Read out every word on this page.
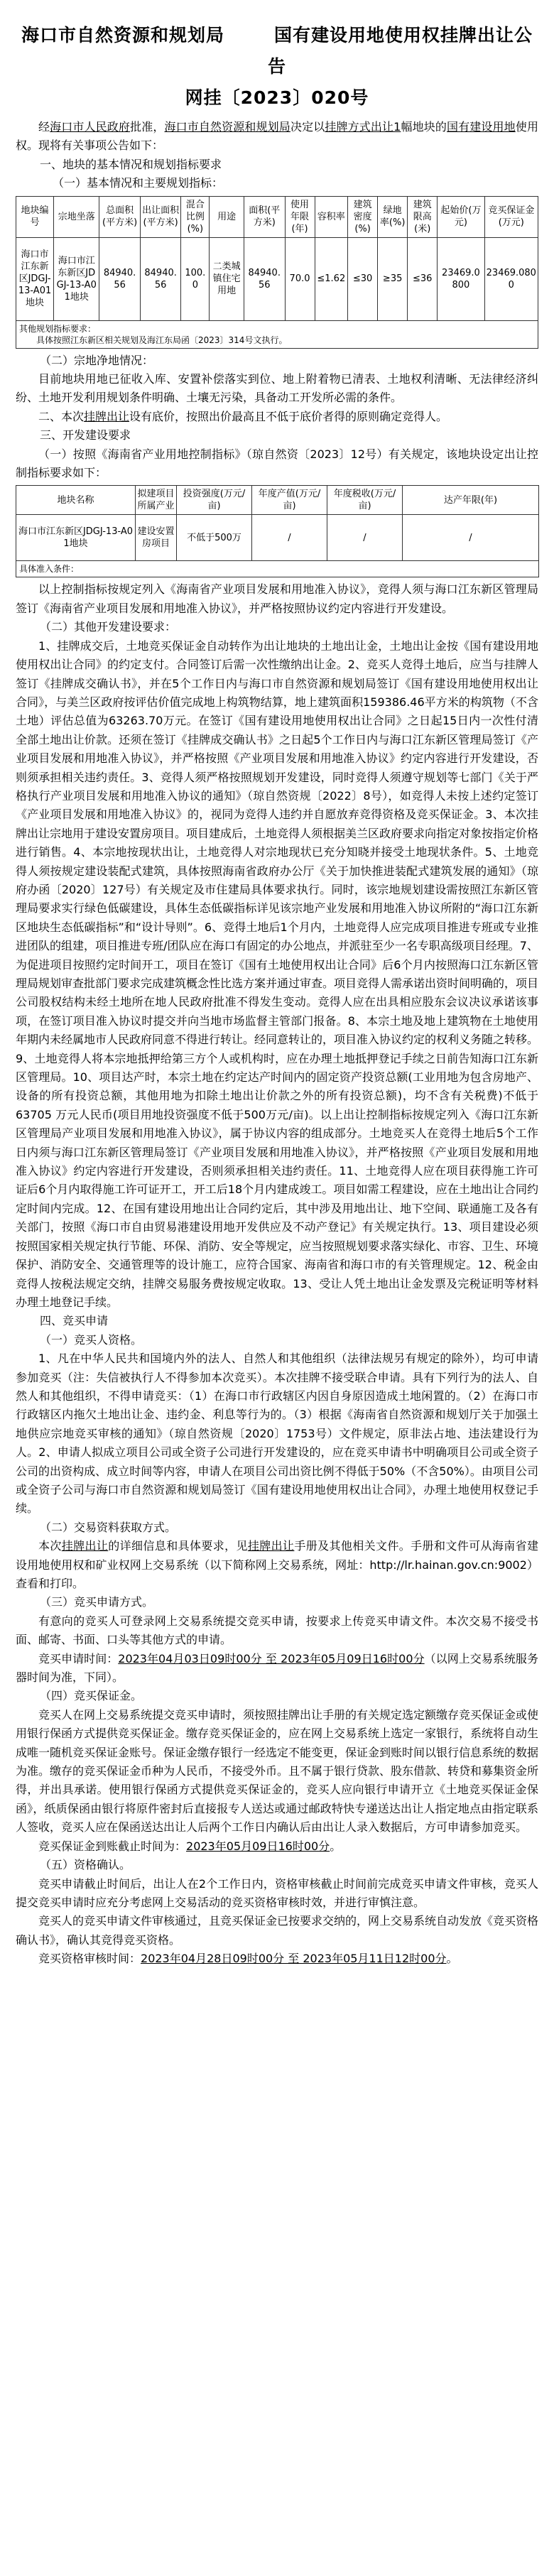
海口市自然资源和规划局	国有建设用地使用权挂牌出让公告
网挂〔2023〕020号

经海口市人民政府批准，海口市自然资源和规划局决定以挂牌方式出让1幅地块的国有建设用地使用权。现将有关事项公告如下：

一、地块的基本情况和规划指标要求

（一）基本情况和主要规划指标：

地块编号	宗地坐落	总面积(平方米)	出让面积(平方米)	混合比例(%)	用途	面积(平方米)	使用年限(年)	容积率	建筑密度(%)	绿地率(%)	建筑限高(米)	起始价(万元)	竞买保证金(万元)
海口市江东新区JDGJ-13-A01地块	海口市江东新区JDGJ-13-A01地块	84940.56	84940.56	100.0	二类城镇住宅用地	84940.56	70.0	≤1.62	≤30	≥35	≤36	23469.0800	23469.0800

其他规划指标要求：
具体按照江东新区相关规划及海江东局函〔2023〕314号文执行。													

（二）宗地净地情况：

目前地块用地已征收入库、安置补偿落实到位、地上附着物已清表、土地权利清晰、无法律经济纠纷、土地开发利用规划条件明确、土壤无污染，具备动工开发所必需的条件。

二、本次挂牌出让设有底价，按照出价最高且不低于底价者得的原则确定竞得人。

三、开发建设要求

（一）按照《海南省产业用地控制指标》（琼自然资〔2023〕12号）有关规定，该地块设定出让控制指标要求如下：

地块名称	拟建项目所属产业	投资强度(万元/亩)	年度产值(万元/亩)	年度税收(万元/亩)	达产年限(年)
海口市江东新区JDGJ-13-A01地块	建设安置房项目	不低于500万	/	/	/
具体准入条件：					

以上控制指标按规定列入《海南省产业项目发展和用地准入协议》，竞得人须与海口江东新区管理局签订《海南省产业项目发展和用地准入协议》，并严格按照协议约定内容进行开发建设。

（二）其他开发建设要求：

1、挂牌成交后，土地竞买保证金自动转作为出让地块的土地出让金，土地出让金按《国有建设用地使用权出让合同》的约定支付。合同签订后需一次性缴纳出让金。2、竞买人竞得土地后，应当与挂牌人签订《挂牌成交确认书》，并在5个工作日内与海口市自然资源和规划局签订《国有建设用地使用权出让合同》，与美兰区政府按评估价值完成地上构筑物结算，地上建筑面积159386.46平方米的构筑物（不含土地）评估总值为63263.70万元。在签订《国有建设用地使用权出让合同》之日起15日内一次性付清全部土地出让价款。还须在签订《挂牌成交确认书》之日起5个工作日内与海口江东新区管理局签订《产业项目发展和用地准入协议》，并严格按照《产业项目发展和用地准入协议》约定内容进行开发建设，否则须承担相关违约责任。3、竞得人须严格按照规划开发建设，同时竞得人须遵守规划等七部门《关于严格执行产业项目发展和用地准入协议的通知》（琼自然资规〔2022〕8号），如竞得人未按上述约定签订《产业项目发展和用地准入协议》的，视同为竞得人违约并自愿放弃竞得资格及竞买保证金。3、本次挂牌出让宗地用于建设安置房项目。项目建成后，土地竞得人须根据美兰区政府要求向指定对象按指定价格进行销售。4、本宗地按现状出让，土地竞得人对宗地现状已充分知晓并接受土地现状条件。5、土地竞得人须按规定建设装配式建筑，具体按照海南省政府办公厅《关于加快推进装配式建筑发展的通知》（琼府办函〔2020〕127号）有关规定及市住建局具体要求执行。同时，该宗地规划建设需按照江东新区管理局要求实行绿色低碳建设，具体生态低碳指标详见该宗地产业发展和用地准入协议所附的“海口江东新区地块生态低碳指标”和“设计导则”。6、竞得土地后1个月内，土地竞得人应完成项目推进专班或专业推进团队的组建，项目推进专班/团队应在海口有固定的办公地点，并派驻至少一名专职高级项目经理。7、为促进项目按照约定时间开工，项目在签订《国有土地使用权出让合同》后6个月内按照海口江东新区管理局规划审查批部门要求完成建筑概念性比选方案并通过审查。项目竞得人需承诺出资时间明确的，项目公司股权结构未经土地所在地人民政府批准不得发生变动。竞得人应在出具相应股东会议决议承诺该事项，在签订项目准入协议时提交并向当地市场监督主管部门报备。8、本宗土地及地上建筑物在土地使用年期内未经属地市人民政府同意不得进行转让。经同意转让的，项目准入协议约定的权利义务随之转移。9、土地竞得人将本宗地抵押给第三方个人或机构时，应在办理土地抵押登记手续之日前告知海口江东新区管理局。10、项目达产时，本宗土地在约定达产时间内的固定资产投资总额(工业用地为包含房地产、设备的所有投资总额，其他用地为扣除土地出让价款之外的所有投资总额)，均不含有关税费)不低于 63705 万元人民币(项目用地投资强度不低于500万元/亩)。以上出让控制指标按规定列入《海口江东新区管理局产业项目发展和用地准入协议》，属于协议内容的组成部分。土地竞买人在竞得土地后5个工作日内须与海口江东新区管理局签订《产业项目发展和用地准入协议》，并严格按照《产业项目发展和用地准入协议》约定内容进行开发建设，否则须承担相关违约责任。11、土地竞得人应在项目获得施工许可证后6个月内取得施工许可证开工，开工后18个月内建成竣工。项目如需工程建设，应在土地出让合同约定时间内完成。12、在国有建设用地出让合同约定后，其中涉及用地出让、地下空间、联通施工及各有关部门，按照《海口市自由贸易港建设用地开发供应及不动产登记》有关规定执行。13、项目建设必须按照国家相关规定执行节能、环保、消防、安全等规定，应当按照规划要求落实绿化、市容、卫生、环境保护、消防安全、交通管理等的设计施工，应符合国家、海南省和海口市的有关管理规定。12、税金由竞得人按税法规定交纳，挂牌交易服务费按规定收取。13、受让人凭土地出让金发票及完税证明等材料办理土地登记手续。

四、竞买申请

（一）竞买人资格。

1、凡在中华人民共和国境内外的法人、自然人和其他组织（法律法规另有规定的除外），均可申请参加竞买（注：失信被执行人不得参加本次竞买）。本次挂牌不接受联合申请。具有下列行为的法人、自然人和其他组织，不得申请竞买：（1）在海口市行政辖区内因自身原因造成土地闲置的。（2）在海口市行政辖区内拖欠土地出让金、违约金、利息等行为的。（3）根据《海南省自然资源和规划厅关于加强土地供应宗地竞买审核的通知》（琼自然资规〔2020〕1753号）文件规定，原非法占地、违法建设行为人。2、申请人拟成立项目公司或全资子公司进行开发建设的，应在竞买申请书中明确项目公司或全资子公司的出资构成、成立时间等内容，申请人在项目公司出资比例不得低于50%（不含50%）。由项目公司或全资子公司与海口市自然资源和规划局签订《国有建设用地使用权出让合同》，办理土地使用权登记手续。

（二）交易资料获取方式。

本次挂牌出让的详细信息和具体要求，见挂牌出让手册及其他相关文件。手册和文件可从海南省建设用地使用权和矿业权网上交易系统（以下简称网上交易系统，网址：http://lr.hainan.gov.cn:9002）查看和打印。

（三）竞买申请方式。

有意向的竞买人可登录网上交易系统提交竞买申请，按要求上传竞买申请文件。本次交易不接受书面、邮寄、书面、口头等其他方式的申请。

竞买申请时间：2023年04月03日09时00分 至 2023年05月09日16时00分（以网上交易系统服务器时间为准，下同）。

（四）竞买保证金。

竞买人在网上交易系统提交竞买申请时，须按照挂牌出让手册的有关规定选定额缴存竞买保证金或使用银行保函方式提供竞买保证金。缴存竞买保证金的，应在网上交易系统上选定一家银行，系统将自动生成唯一随机竞买保证金账号。保证金缴存银行一经选定不能变更，保证金到账时间以银行信息系统的数据为准。缴存的竞买保证金币种为人民币，不接受外币。且不属于银行贷款、股东借款、转贷和募集资金所得，并出具承诺。使用银行保函方式提供竞买保证金的，竞买人应向银行申请开立《土地竞买保证金保函》，纸质保函由银行将原件密封后直接报专人送达或通过邮政特快专递送达出让人指定地点由指定联系人签收，竞买人应在保函送达出让人后两个工作日内确认后由出让人录入数据后，方可申请参加竞买。

竞买保证金到账截止时间为：2023年05月09日16时00分。

（五）资格确认。

竞买申请截止时间后，出让人在2个工作日内，资格审核截止时间前完成竞买申请文件审核，竞买人提交竞买申请时应充分考虑网上交易活动的竞买资格审核时效，并进行审慎注意。

竞买人的竞买申请文件审核通过，且竞买保证金已按要求交纳的，网上交易系统自动发放《竞买资格确认书》，确认其竞得竞买资格。

竞买资格审核时间：2023年04月28日09时00分 至 2023年05月11日12时00分。
